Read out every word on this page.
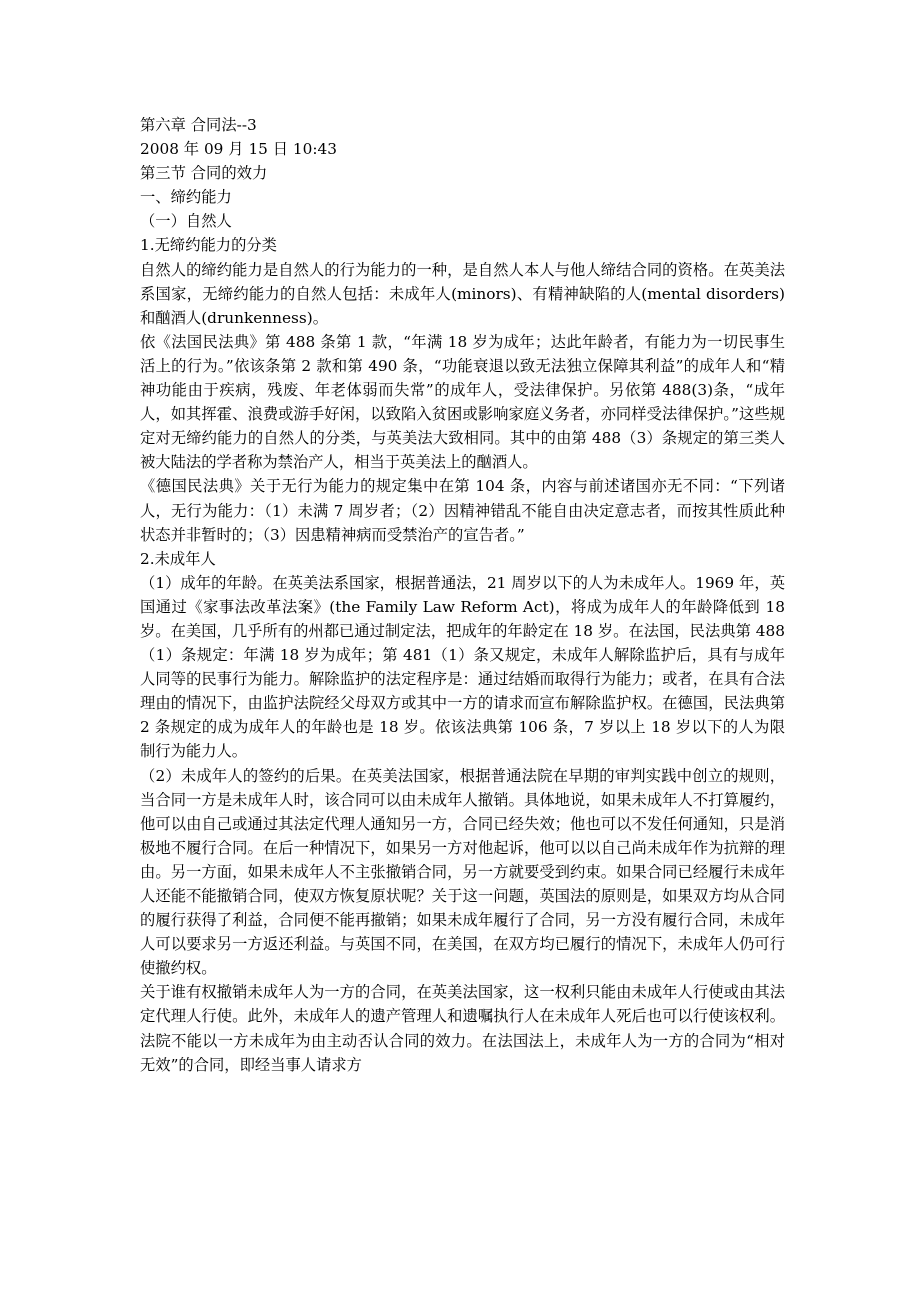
第六章 合同法--3

2008 年 09 月 15 日 10:43

第三节 合同的效力

一、缔约能力

（一）自然人

1.无缔约能力的分类

自然人的缔约能力是自然人的行为能力的一种，是自然人本人与他人缔结合同的资格。在英美法系国家，无缔约能力的自然人包括：未成年人(minors)、有精神缺陷的人(mental disorders)和酗酒人(drunkenness)。

依《法国民法典》第 488 条第 1 款，“年满 18 岁为成年；达此年龄者，有能力为一切民事生活上的行为。”依该条第 2 款和第 490 条，“功能衰退以致无法独立保障其利益”的成年人和“精神功能由于疾病，残废、年老体弱而失常”的成年人，受法律保护。另依第 488(3)条，“成年人，如其挥霍、浪费或游手好闲，以致陷入贫困或影响家庭义务者，亦同样受法律保护。”这些规定对无缔约能力的自然人的分类，与英美法大致相同。其中的由第 488（3）条规定的第三类人被大陆法的学者称为禁治产人，相当于英美法上的酗酒人。

《德国民法典》关于无行为能力的规定集中在第 104 条，内容与前述诸国亦无不同：“下列诸人，无行为能力：（1）未满 7 周岁者；（2）因精神错乱不能自由决定意志者，而按其性质此种状态并非暂时的；（3）因患精神病而受禁治产的宣告者。”

2.未成年人

（1）成年的年龄。在英美法系国家，根据普通法，21 周岁以下的人为未成年人。1969 年，英国通过《家事法改革法案》(the Family Law Reform Act)，将成为成年人的年龄降低到 18 岁。在美国，几乎所有的州都已通过制定法，把成年的年龄定在 18 岁。在法国，民法典第 488（1）条规定：年满 18 岁为成年；第 481（1）条又规定，未成年人解除监护后，具有与成年人同等的民事行为能力。解除监护的法定程序是：通过结婚而取得行为能力；或者，在具有合法理由的情况下，由监护法院经父母双方或其中一方的请求而宣布解除监护权。在德国，民法典第 2 条规定的成为成年人的年龄也是 18 岁。依该法典第 106 条，7 岁以上 18 岁以下的人为限制行为能力人。

（2）未成年人的签约的后果。在英美法国家，根据普通法院在早期的审判实践中创立的规则，当合同一方是未成年人时，该合同可以由未成年人撤销。具体地说，如果未成年人不打算履约，他可以由自己或通过其法定代理人通知另一方，合同已经失效；他也可以不发任何通知，只是消极地不履行合同。在后一种情况下，如果另一方对他起诉，他可以以自己尚未成年作为抗辩的理由。另一方面，如果未成年人不主张撤销合同，另一方就要受到约束。如果合同已经履行未成年人还能不能撤销合同，使双方恢复原状呢？关于这一问题，英国法的原则是，如果双方均从合同的履行获得了利益，合同便不能再撤销；如果未成年履行了合同，另一方没有履行合同，未成年人可以要求另一方返还利益。与英国不同，在美国，在双方均已履行的情况下，未成年人仍可行使撤约权。

关于谁有权撤销未成年人为一方的合同，在英美法国家，这一权利只能由未成年人行使或由其法定代理人行使。此外，未成年人的遗产管理人和遗嘱执行人在未成年人死后也可以行使该权利。法院不能以一方未成年为由主动否认合同的效力。在法国法上，未成年人为一方的合同为“相对无效”的合同，即经当事人请求方
